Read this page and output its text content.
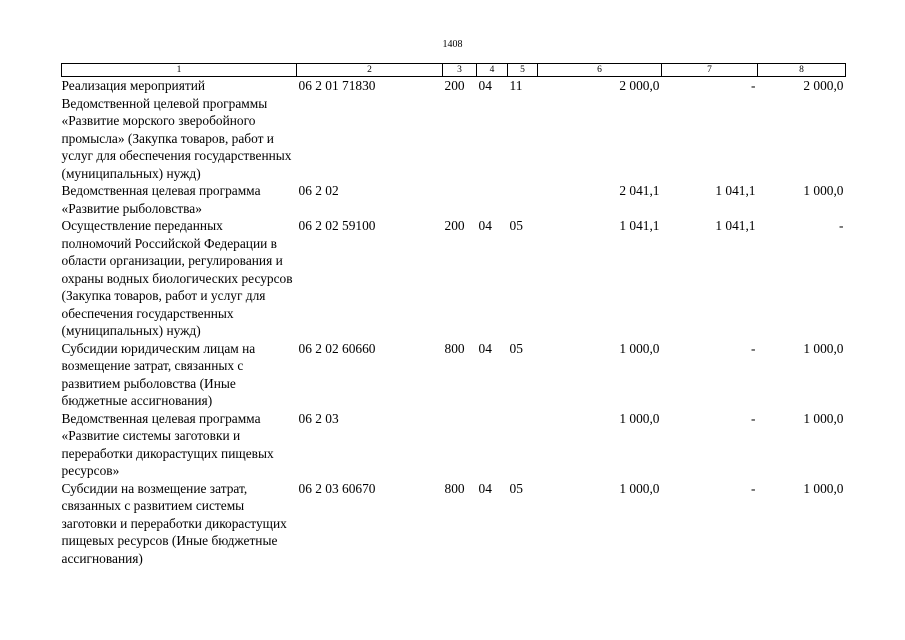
1408
1	2	3	4	5	6	7	8
Реализация мероприятий Ведомственной целевой программы «Развитие морского зверобойного промысла» (Закупка товаров, работ и услуг для обеспечения государственных (муниципальных) нужд)	06 2 01 71830	200	04	11	2 000,0	-	2 000,0
Ведомственная целевая программа «Развитие рыболовства»	06 2 02				2 041,1	1 041,1	1 000,0
Осуществление переданных полномочий Российской Федерации в области организации, регулирования и охраны водных биологических ресурсов (Закупка товаров, работ и услуг для обеспечения государственных (муниципальных) нужд)	06 2 02 59100	200	04	05	1 041,1	1 041,1	-
Субсидии юридическим лицам на возмещение затрат, связанных с развитием рыболовства (Иные бюджетные ассигнования)	06 2 02 60660	800	04	05	1 000,0	-	1 000,0
Ведомственная целевая программа «Развитие системы заготовки и переработки дикорастущих пищевых ресурсов»	06 2 03				1 000,0	-	1 000,0
Субсидии на возмещение затрат, связанных с развитием системы заготовки и переработки дикорастущих пищевых ресурсов (Иные бюджетные ассигнования)	06 2 03 60670	800	04	05	1 000,0	-	1 000,0
